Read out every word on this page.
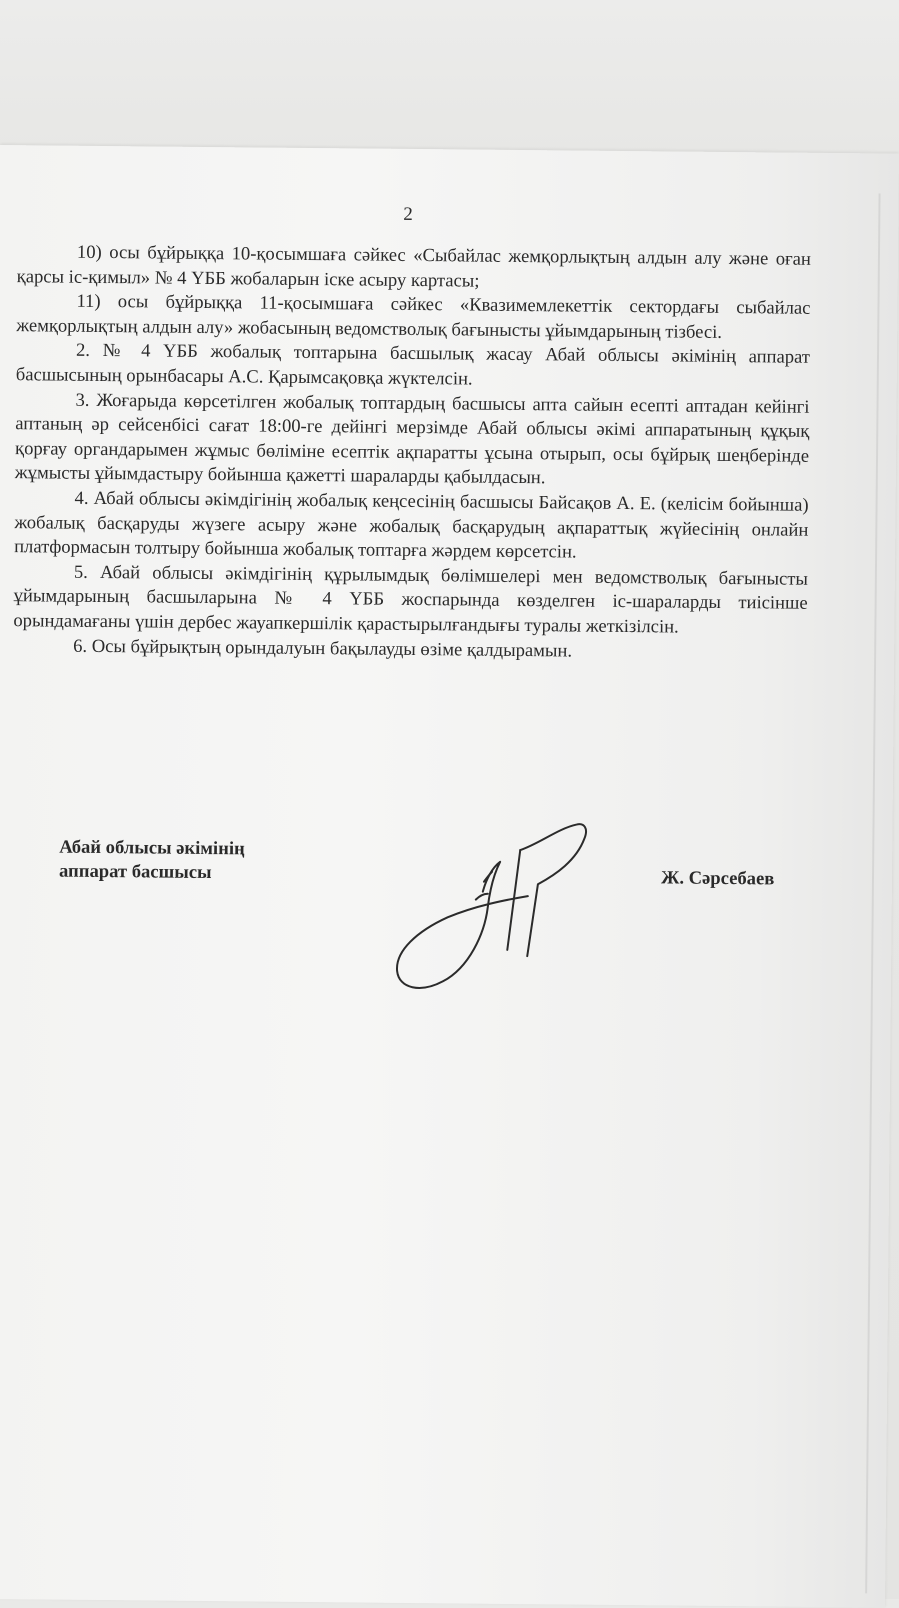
2

10) осы бұйрыққа 10-қосымшаға сәйкес «Сыбайлас жемқорлықтың алдын алу және оған қарсы іс-қимыл» № 4 ҮББ жобаларын іске асыру картасы;

11) осы бұйрыққа 11-қосымшаға сәйкес «Квазимемлекеттік сектордағы сыбайлас жемқорлықтың алдын алу» жобасының ведомстволық бағынысты ұйымдарының тізбесі.

2. № 4 ҮББ жобалық топтарына басшылық жасау Абай облысы әкімінің аппарат басшысының орынбасары А.С. Қарымсақовқа жүктелсін.

3. Жоғарыда көрсетілген жобалық топтардың басшысы апта сайын есепті аптадан кейінгі аптаның әр сейсенбісі сағат 18:00-ге дейінгі мерзімде Абай облысы әкімі аппаратының құқық қорғау органдарымен жұмыс бөліміне есептік ақпаратты ұсына отырып, осы бұйрық шеңберінде жұмысты ұйымдастыру бойынша қажетті шараларды қабылдасын.

4. Абай облысы әкімдігінің жобалық кеңсесінің басшысы Байсақов А. Е. (келісім бойынша) жобалық басқаруды жүзеге асыру және жобалық басқарудың ақпараттық жүйесінің онлайн платформасын толтыру бойынша жобалық топтарға жәрдем көрсетсін.

5. Абай облысы әкімдігінің құрылымдық бөлімшелері мен ведомстволық бағынысты ұйымдарының басшыларына № 4 ҮББ жоспарында көзделген іс-шараларды тиісінше орындамағаны үшін дербес жауапкершілік қарастырылғандығы туралы жеткізілсін.

6. Осы бұйрықтың орындалуын бақылауды өзіме қалдырамын.

Абай облысы әкімінің
аппарат басшысы	Ж. Сәрсебаев
